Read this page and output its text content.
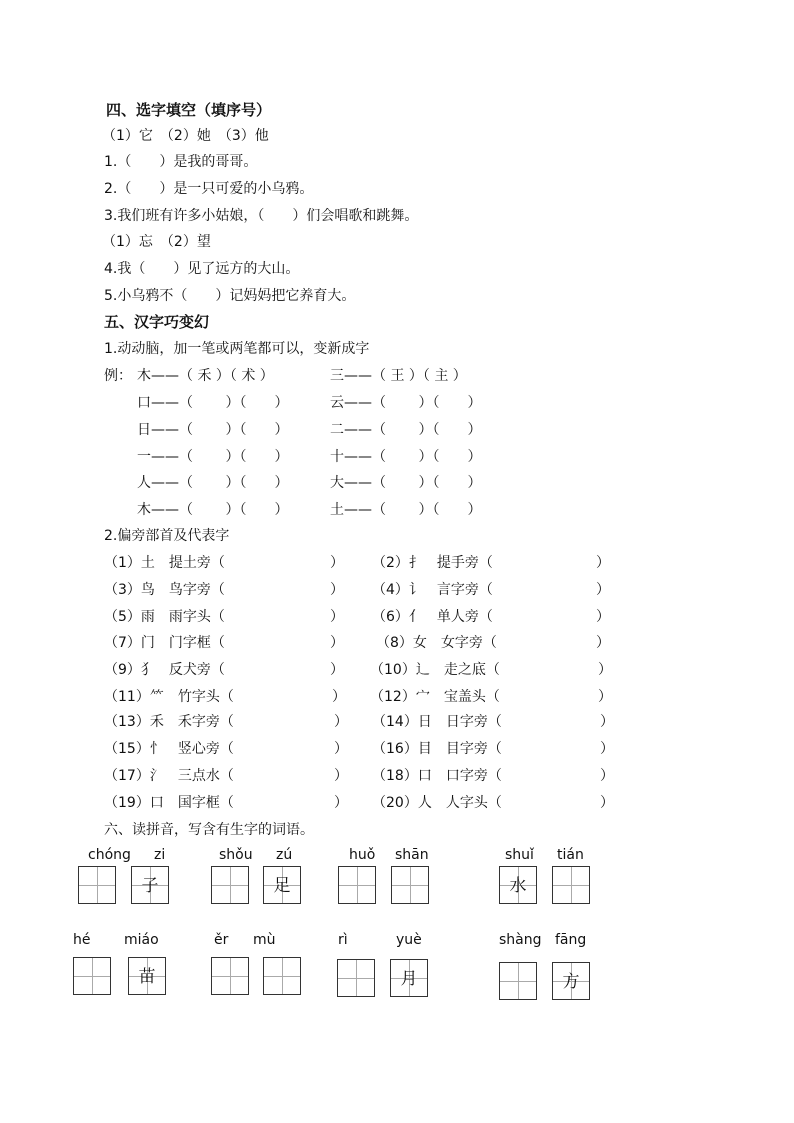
四、选字填空（填序号）
（1）它　（2）她　（3）他
1.（　　）是我的哥哥。
2.（　　）是一只可爱的小乌鸦。
3.我们班有许多小姑娘，（　　）们会唱歌和跳舞。
（1）忘　（2）望
4.我（　　）见了远方的大山。
5.小乌鸦不（　　）记妈妈把它养育大。
五、汉字巧变幻
1.动动脑，加一笔或两笔都可以，变新成字
例： 木——（ 禾 ）（ 术 ）	三——（ 王 ）（ 主 ）
口——（　　 ）（　　）	云——（　　 ）（　　）
日——（　　 ）（　　）	二——（　　 ）（　　）
一——（　　 ）（　　）	十——（　　 ）（　　）
人——（　　 ）（　　）	大——（　　 ）（　　）
木——（　　 ）（　　）	土——（　　 ）（　　）
2.偏旁部首及代表字
（1）土　提土旁（	） （2）扌　提手旁（	）
（3）鸟　鸟字旁（	） （4）讠　言字旁（	）
（5）雨　雨字头（	） （6）亻　单人旁（	）
（7）门　门字框（	） （8）女　女字旁（	）
（9）犭　反犬旁（	） （10）辶　走之底（	）
（11）⺮　竹字头（	） （12）宀　宝盖头（	）
（13）禾　禾字旁（	） （14）日　日字旁（	）
（15）忄　竖心旁（	） （16）目　目字旁（	）
（17）氵　三点水（	） （18）口　口字旁（	）
（19）口　国字框（	） （20）人　人字头（	）
六、读拼音，写含有生字的词语。
chóng zi
子
shǒu zú
足
huǒ shān	shuǐ tián
水
hé miáo
苗
ěr mù	rì	yuè
月
shàng fāng
方
